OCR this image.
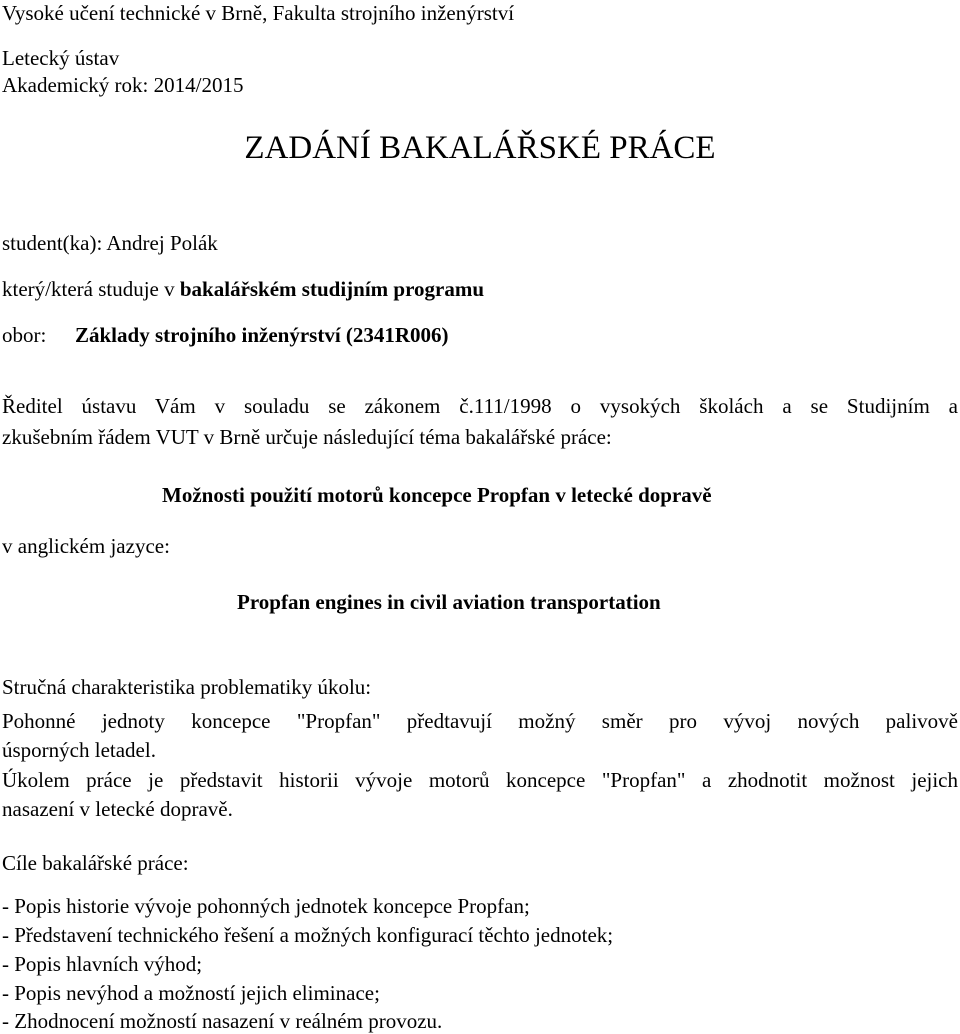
Vysoké učení technické v Brně, Fakulta strojního inženýrství
Letecký ústav
Akademický rok: 2014/2015
ZADÁNÍ BAKALÁŘSKÉ PRÁCE
student(ka): Andrej Polák
který/která studuje v bakalářském studijním programu
obor: Základy strojního inženýrství (2341R006)
Ředitel ústavu Vám v souladu se zákonem č.111/1998 o vysokých školách a se Studijním a
zkušebním řádem VUT v Brně určuje následující téma bakalářské práce:
Možnosti použití motorů koncepce Propfan v letecké dopravě
v anglickém jazyce:
Propfan engines in civil aviation transportation
Stručná charakteristika problematiky úkolu:
Pohonné jednoty koncepce "Propfan" předtavují možný směr pro vývoj nových palivově
úsporných letadel.
Úkolem práce je představit historii vývoje motorů koncepce "Propfan" a zhodnotit možnost jejich
nasazení v letecké dopravě.
Cíle bakalářské práce:
- Popis historie vývoje pohonných jednotek koncepce Propfan;
- Představení technického řešení a možných konfigurací těchto jednotek;
- Popis hlavních výhod;
- Popis nevýhod a možností jejich eliminace;
- Zhodnocení možností nasazení v reálném provozu.
